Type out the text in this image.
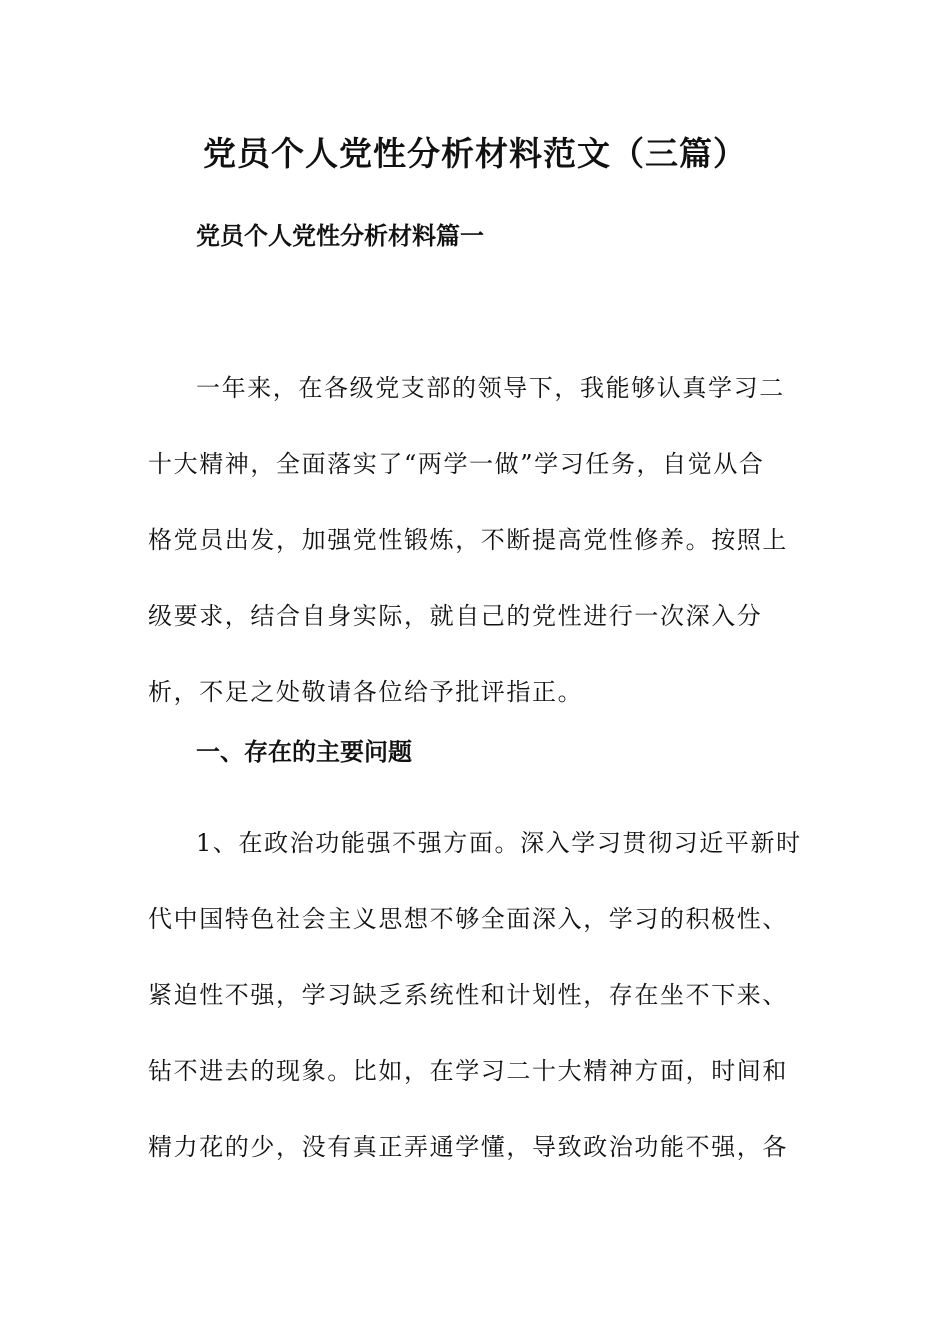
党员个人党性分析材料范文（三篇）
党员个人党性分析材料篇一
一年来，在各级党支部的领导下，我能够认真学习二
十大精神，全面落实了“两学一做”学习任务，自觉从合
格党员出发，加强党性锻炼，不断提高党性修养。按照上
级要求，结合自身实际，就自己的党性进行一次深入分
析，不足之处敬请各位给予批评指正。
一、存在的主要问题
1、在政治功能强不强方面。深入学习贯彻习近平新时
代中国特色社会主义思想不够全面深入，学习的积极性、
紧迫性不强，学习缺乏系统性和计划性，存在坐不下来、
钻不进去的现象。比如，在学习二十大精神方面，时间和
精力花的少，没有真正弄通学懂，导致政治功能不强，各
